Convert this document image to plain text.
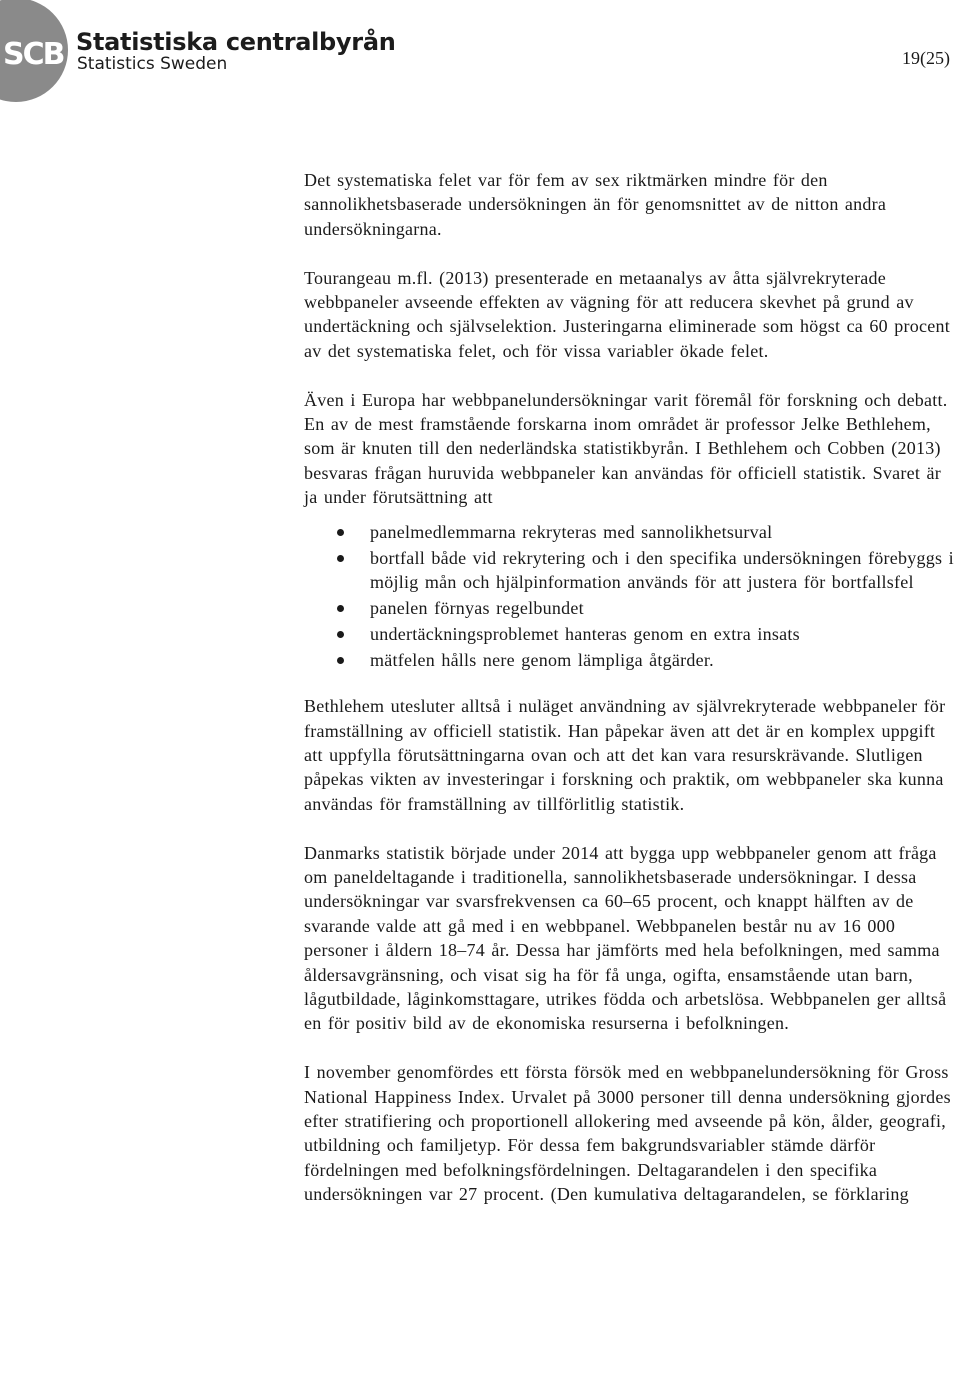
SCB Statistiska centralbyrån
Statistics Sweden	19(25)

Det systematiska felet var för fem av sex riktmärken mindre för den sannolikhetsbaserade undersökningen än för genomsnittet av de nitton andra undersökningarna.

Tourangeau m.fl. (2013) presenterade en metaanalys av åtta självrekryterade webbpaneler avseende effekten av vägning för att reducera skevhet på grund av undertäckning och självselektion. Justeringarna eliminerade som högst ca 60 procent av det systematiska felet, och för vissa variabler ökade felet.

Även i Europa har webbpanelundersökningar varit föremål för forskning och debatt. En av de mest framstående forskarna inom området är professor Jelke Bethlehem, som är knuten till den nederländska statistikbyrån. I Bethlehem och Cobben (2013) besvaras frågan huruvida webbpaneler kan användas för officiell statistik. Svaret är ja under förutsättning att

panelmedlemmarna rekryteras med sannolikhetsurval
bortfall både vid rekrytering och i den specifika undersökningen förebyggs i möjlig mån och hjälpinformation används för att justera för bortfallsfel
panelen förnyas regelbundet
undertäckningsproblemet hanteras genom en extra insats
mätfelen hålls nere genom lämpliga åtgärder.

Bethlehem utesluter alltså i nuläget användning av självrekryterade webbpaneler för framställning av officiell statistik. Han påpekar även att det är en komplex uppgift att uppfylla förutsättningarna ovan och att det kan vara resurskrävande. Slutligen påpekas vikten av investeringar i forskning och praktik, om webbpaneler ska kunna användas för framställning av tillförlitlig statistik.

Danmarks statistik började under 2014 att bygga upp webbpaneler genom att fråga om paneldeltagande i traditionella, sannolikhetsbaserade undersökningar. I dessa undersökningar var svarsfrekvensen ca 60–65 procent, och knappt hälften av de svarande valde att gå med i en webbpanel. Webbpanelen består nu av 16 000 personer i åldern 18–74 år. Dessa har jämförts med hela befolkningen, med samma åldersavgränsning, och visat sig ha för få unga, ogifta, ensamstående utan barn, lågutbildade, låginkomsttagare, utrikes födda och arbetslösa. Webbpanelen ger alltså en för positiv bild av de ekonomiska resurserna i befolkningen.

I november genomfördes ett första försök med en webbpanelundersökning för Gross National Happiness Index. Urvalet på 3000 personer till denna undersökning gjordes efter stratifiering och proportionell allokering med avseende på kön, ålder, geografi, utbildning och familjetyp. För dessa fem bakgrundsvariabler stämde därför fördelningen med befolkningsfördelningen. Deltagarandelen i den specifika undersökningen var 27 procent. (Den kumulativa deltagarandelen, se förklaring
